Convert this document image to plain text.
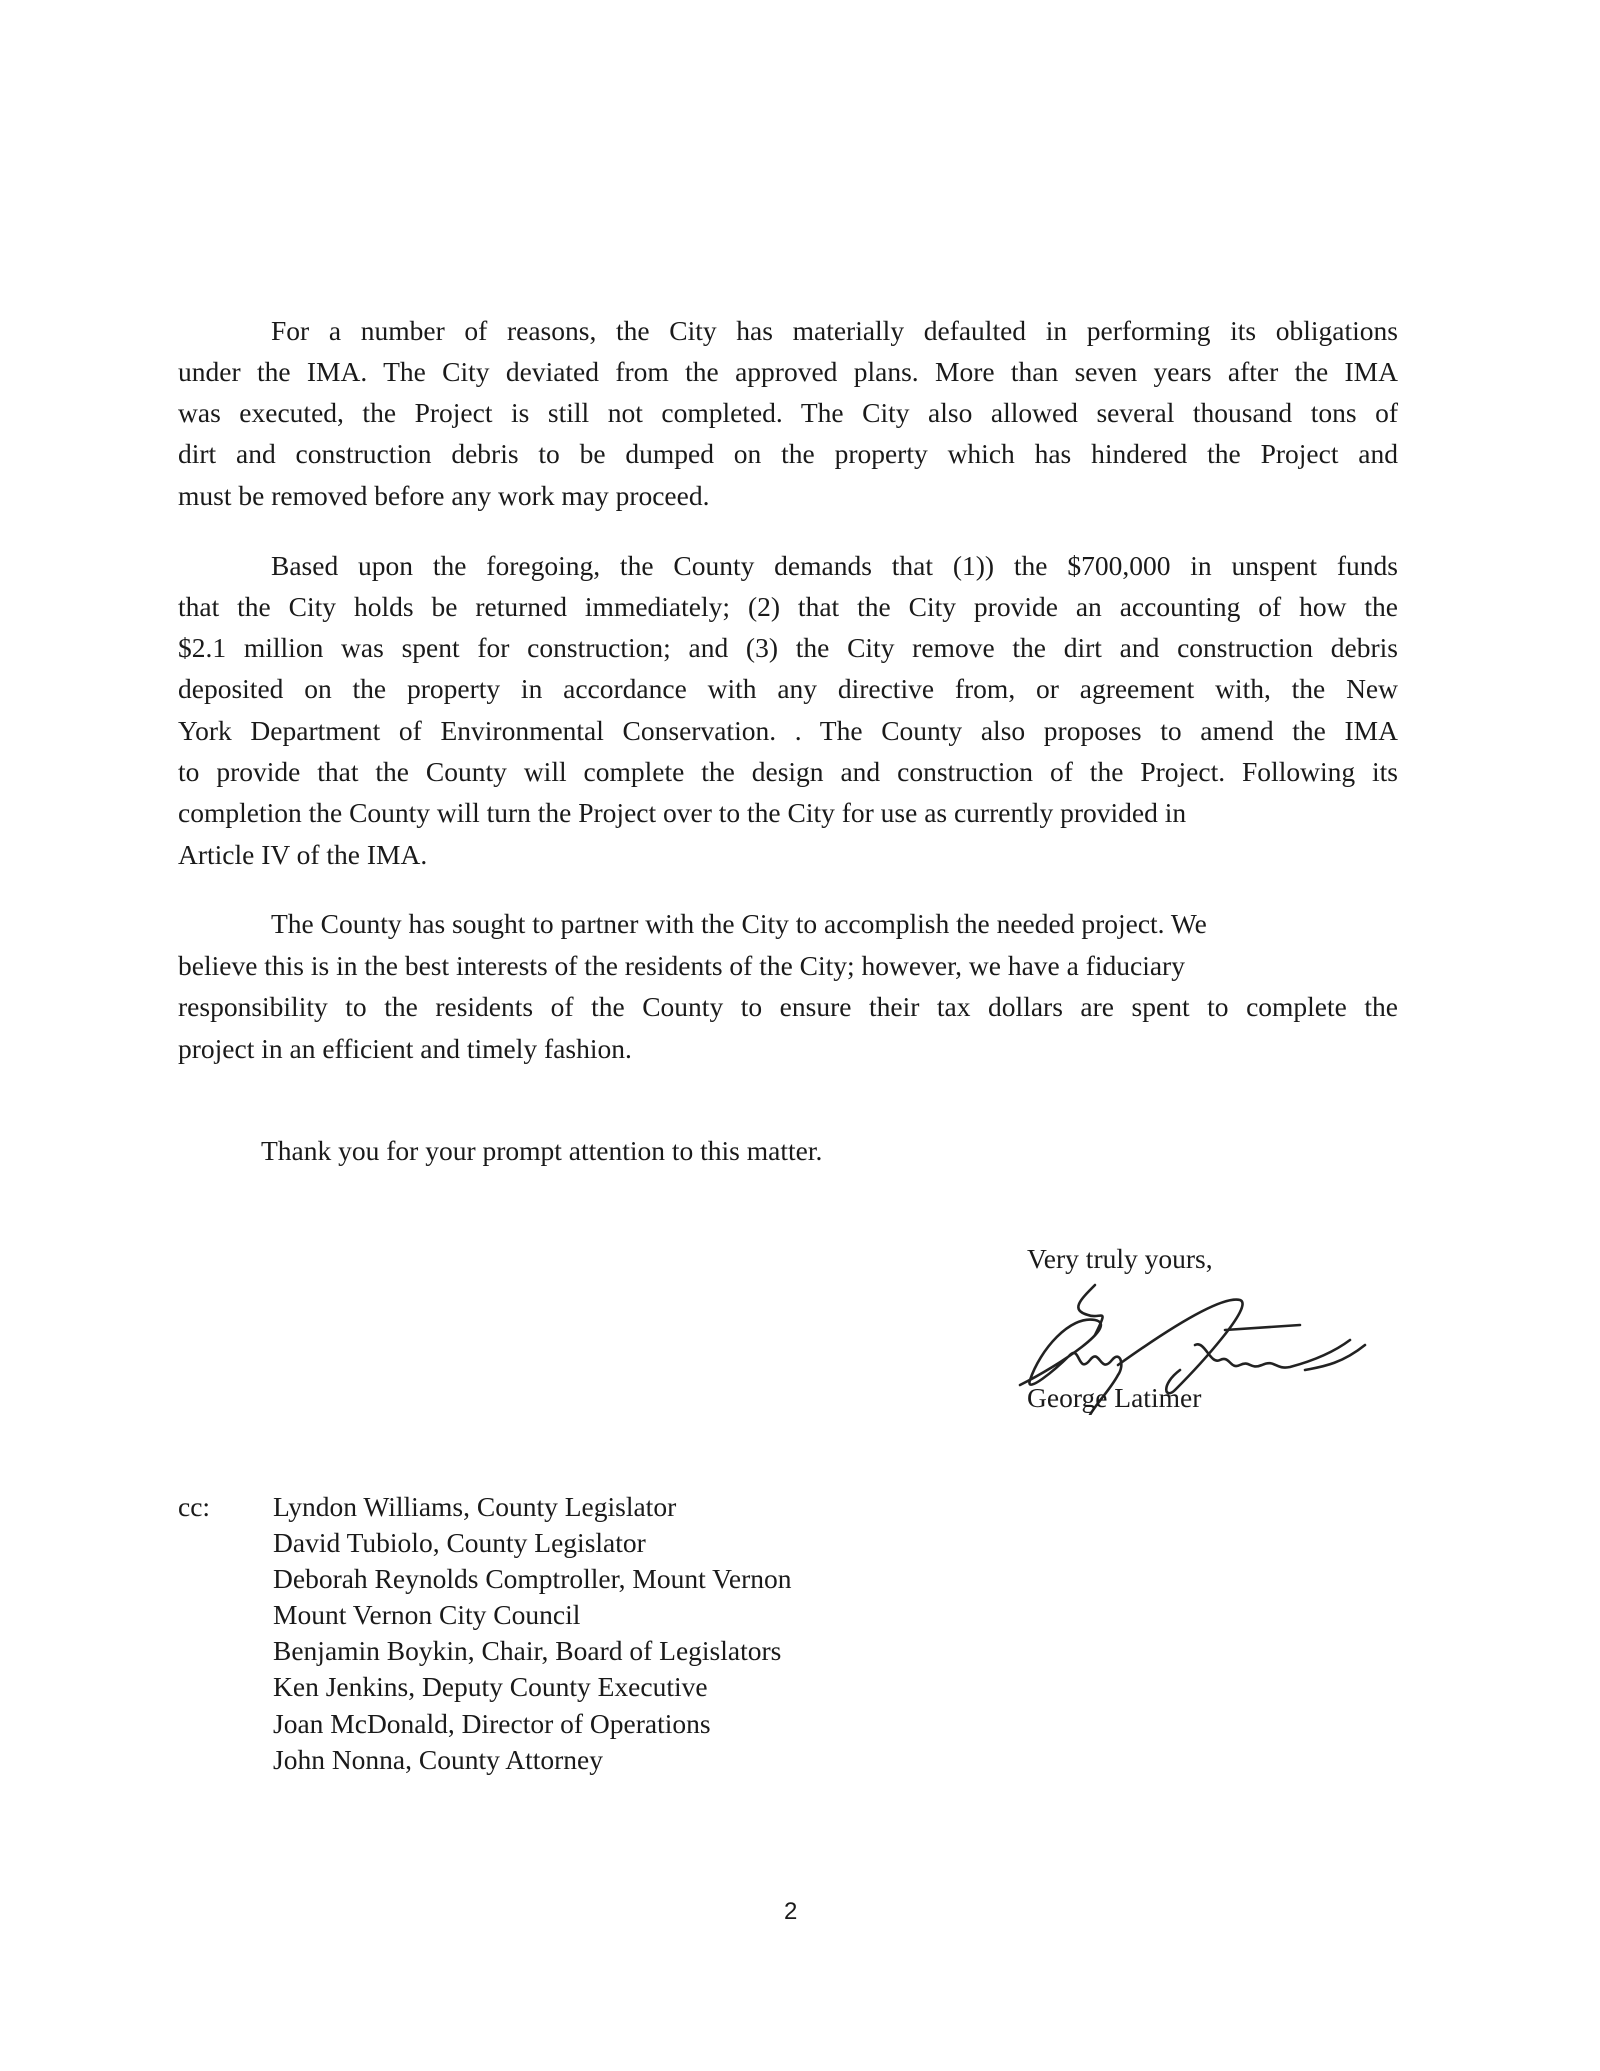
For a number of reasons, the City has materially defaulted in performing its obligations
under the IMA. The City deviated from the approved plans. More than seven years after the IMA
was executed, the Project is still not completed. The City also allowed several thousand tons of
dirt and construction debris to be dumped on the property which has hindered the Project and
must be removed before any work may proceed.
Based upon the foregoing, the County demands that (1)) the $700,000 in unspent funds
that the City holds be returned immediately; (2) that the City provide an accounting of how the
$2.1 million was spent for construction; and (3) the City remove the dirt and construction debris
deposited on the property in accordance with any directive from, or agreement with, the New
York Department of Environmental Conservation. . The County also proposes to amend the IMA
to provide that the County will complete the design and construction of the Project. Following its
completion the County will turn the Project over to the City for use as currently provided in
Article IV of the IMA.
The County has sought to partner with the City to accomplish the needed project. We
believe this is in the best interests of the residents of the City; however, we have a fiduciary
responsibility to the residents of the County to ensure their tax dollars are spent to complete the
project in an efficient and timely fashion.
Thank you for your prompt attention to this matter.
Very truly yours,
George Latimer
cc: Lyndon Williams, County Legislator
David Tubiolo, County Legislator
Deborah Reynolds Comptroller, Mount Vernon
Mount Vernon City Council
Benjamin Boykin, Chair, Board of Legislators
Ken Jenkins, Deputy County Executive
Joan McDonald, Director of Operations
John Nonna, County Attorney
2
